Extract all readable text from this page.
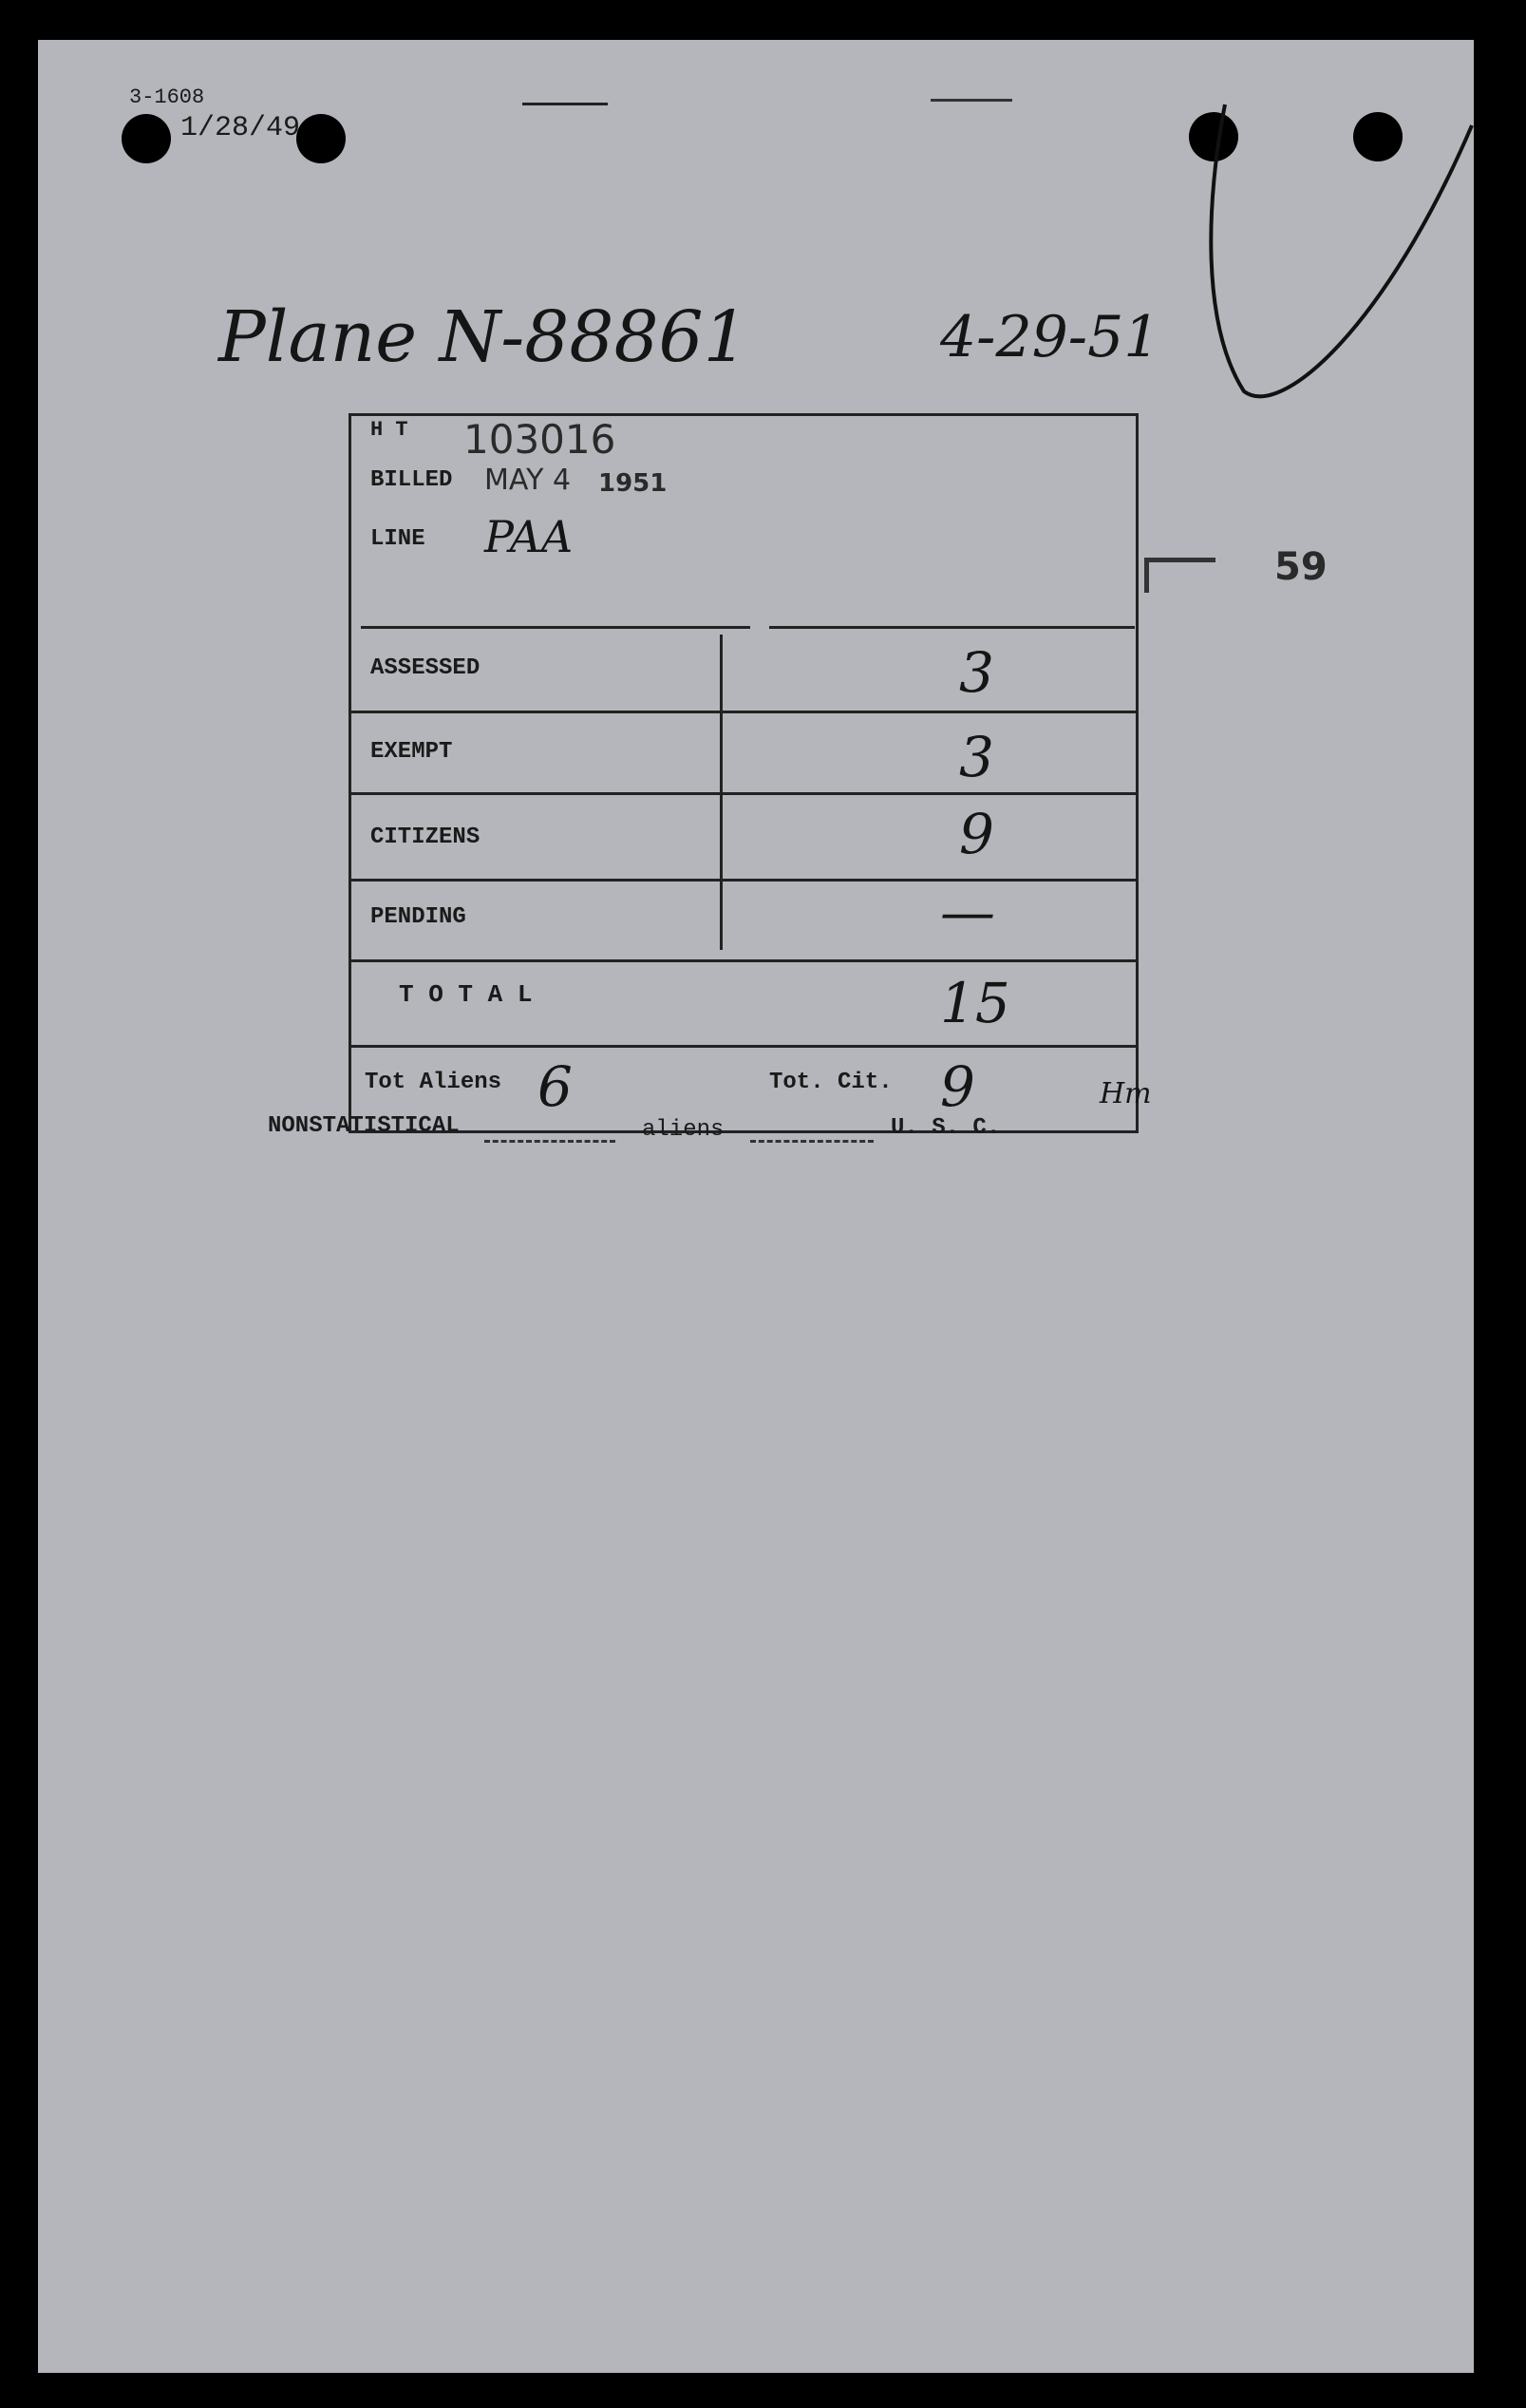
3-1608
1/28/49
Plane N-88861	4-29-51
59
H T 103016
BILLED MAY 4 1951
LINE PAA
ASSESSED	3
EXEMPT	3
CITIZENS	9
PENDING	—
T O T A L	15
Tot Aliens 6	Tot. Cit. 9	Hm
NONSTATISTICAL	aliens	U. S. C.
